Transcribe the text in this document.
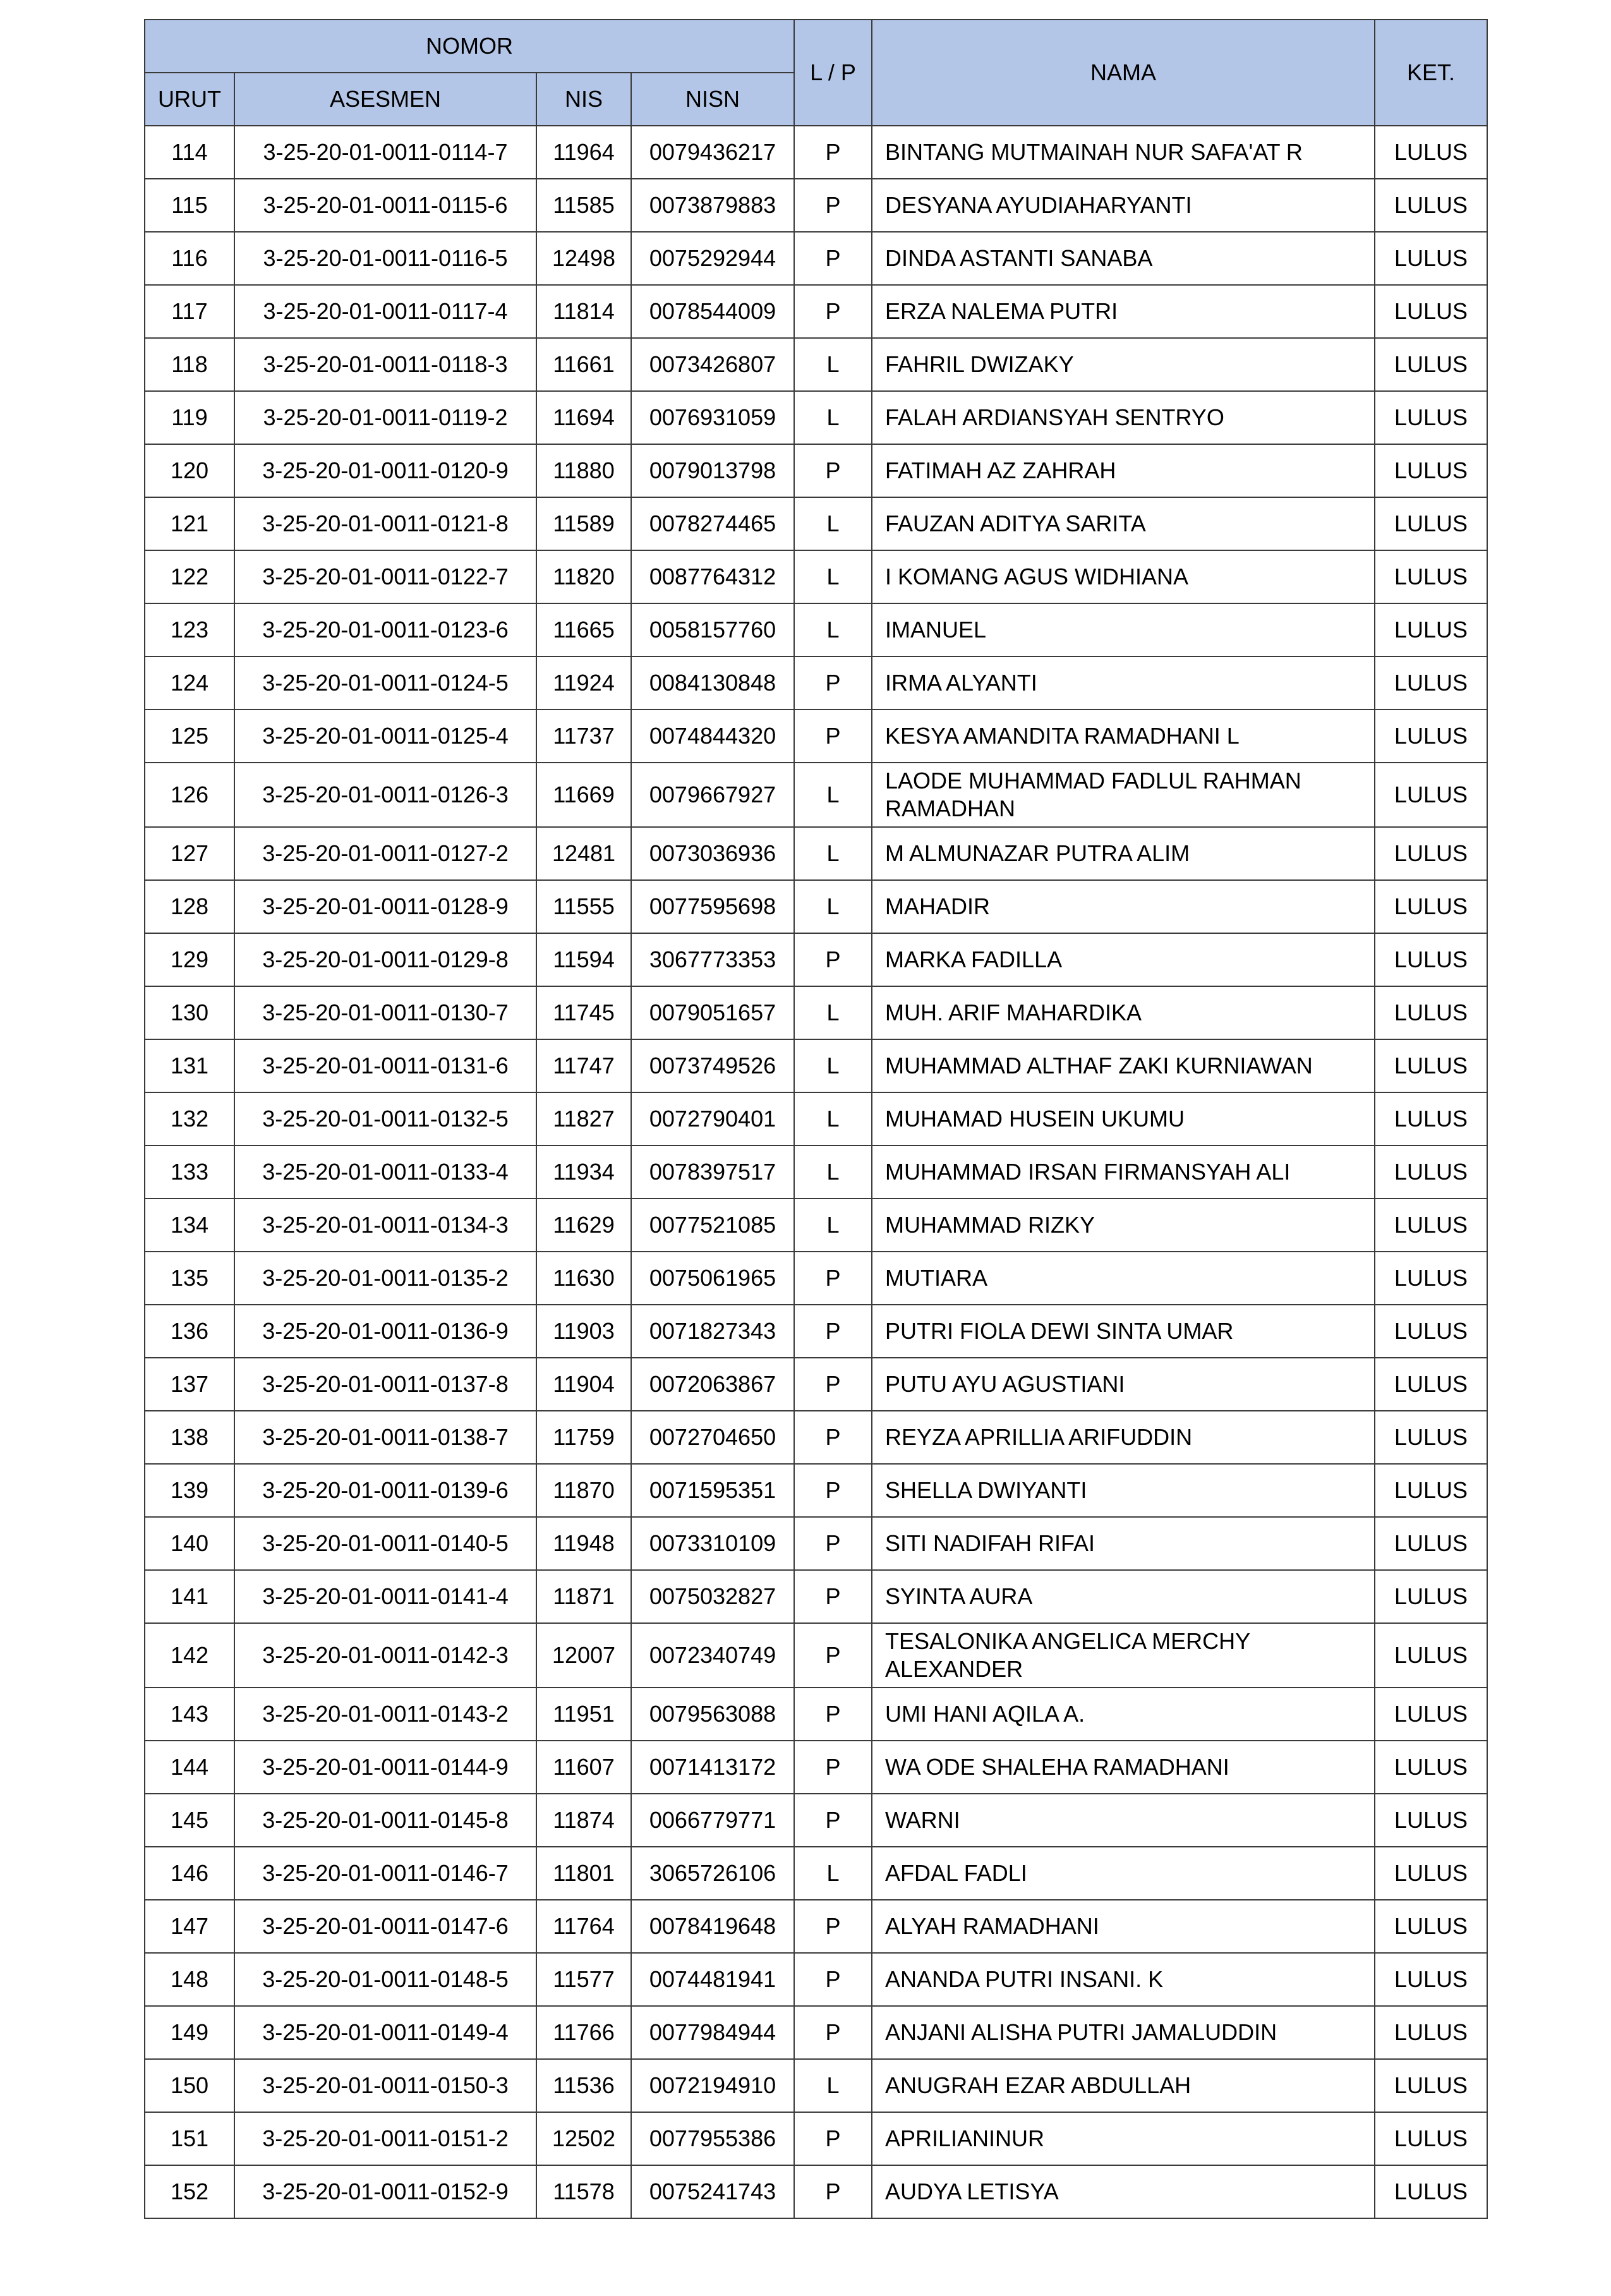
NOMOR				L / P	NAMA	KET.
URUT	ASESMEN	NIS	NISN			
114	3-25-20-01-0011-0114-7	11964	0079436217	P	BINTANG MUTMAINAH NUR SAFA'AT R	LULUS
115	3-25-20-01-0011-0115-6	11585	0073879883	P	DESYANA AYUDIAHARYANTI	LULUS
116	3-25-20-01-0011-0116-5	12498	0075292944	P	DINDA ASTANTI SANABA	LULUS
117	3-25-20-01-0011-0117-4	11814	0078544009	P	ERZA NALEMA PUTRI	LULUS
118	3-25-20-01-0011-0118-3	11661	0073426807	L	FAHRIL DWIZAKY	LULUS
119	3-25-20-01-0011-0119-2	11694	0076931059	L	FALAH ARDIANSYAH SENTRYO	LULUS
120	3-25-20-01-0011-0120-9	11880	0079013798	P	FATIMAH AZ ZAHRAH	LULUS
121	3-25-20-01-0011-0121-8	11589	0078274465	L	FAUZAN ADITYA SARITA	LULUS
122	3-25-20-01-0011-0122-7	11820	0087764312	L	I KOMANG AGUS WIDHIANA	LULUS
123	3-25-20-01-0011-0123-6	11665	0058157760	L	IMANUEL	LULUS
124	3-25-20-01-0011-0124-5	11924	0084130848	P	IRMA ALYANTI	LULUS
125	3-25-20-01-0011-0125-4	11737	0074844320	P	KESYA AMANDITA RAMADHANI L	LULUS
126	3-25-20-01-0011-0126-3	11669	0079667927	L	LAODE MUHAMMAD FADLUL RAHMAN RAMADHAN	LULUS
127	3-25-20-01-0011-0127-2	12481	0073036936	L	M ALMUNAZAR PUTRA ALIM	LULUS
128	3-25-20-01-0011-0128-9	11555	0077595698	L	MAHADIR	LULUS
129	3-25-20-01-0011-0129-8	11594	3067773353	P	MARKA FADILLA	LULUS
130	3-25-20-01-0011-0130-7	11745	0079051657	L	MUH. ARIF MAHARDIKA	LULUS
131	3-25-20-01-0011-0131-6	11747	0073749526	L	MUHAMMAD ALTHAF ZAKI KURNIAWAN	LULUS
132	3-25-20-01-0011-0132-5	11827	0072790401	L	MUHAMAD HUSEIN UKUMU	LULUS
133	3-25-20-01-0011-0133-4	11934	0078397517	L	MUHAMMAD IRSAN FIRMANSYAH ALI	LULUS
134	3-25-20-01-0011-0134-3	11629	0077521085	L	MUHAMMAD RIZKY	LULUS
135	3-25-20-01-0011-0135-2	11630	0075061965	P	MUTIARA	LULUS
136	3-25-20-01-0011-0136-9	11903	0071827343	P	PUTRI FIOLA DEWI SINTA UMAR	LULUS
137	3-25-20-01-0011-0137-8	11904	0072063867	P	PUTU AYU AGUSTIANI	LULUS
138	3-25-20-01-0011-0138-7	11759	0072704650	P	REYZA APRILLIA ARIFUDDIN	LULUS
139	3-25-20-01-0011-0139-6	11870	0071595351	P	SHELLA DWIYANTI	LULUS
140	3-25-20-01-0011-0140-5	11948	0073310109	P	SITI NADIFAH RIFAI	LULUS
141	3-25-20-01-0011-0141-4	11871	0075032827	P	SYINTA AURA	LULUS
142	3-25-20-01-0011-0142-3	12007	0072340749	P	TESALONIKA ANGELICA MERCHY ALEXANDER	LULUS
143	3-25-20-01-0011-0143-2	11951	0079563088	P	UMI HANI AQILA A.	LULUS
144	3-25-20-01-0011-0144-9	11607	0071413172	P	WA ODE SHALEHA RAMADHANI	LULUS
145	3-25-20-01-0011-0145-8	11874	0066779771	P	WARNI	LULUS
146	3-25-20-01-0011-0146-7	11801	3065726106	L	AFDAL FADLI	LULUS
147	3-25-20-01-0011-0147-6	11764	0078419648	P	ALYAH RAMADHANI	LULUS
148	3-25-20-01-0011-0148-5	11577	0074481941	P	ANANDA PUTRI INSANI. K	LULUS
149	3-25-20-01-0011-0149-4	11766	0077984944	P	ANJANI ALISHA PUTRI JAMALUDDIN	LULUS
150	3-25-20-01-0011-0150-3	11536	0072194910	L	ANUGRAH EZAR ABDULLAH	LULUS
151	3-25-20-01-0011-0151-2	12502	0077955386	P	APRILIANINUR	LULUS
152	3-25-20-01-0011-0152-9	11578	0075241743	P	AUDYA LETISYA	LULUS
